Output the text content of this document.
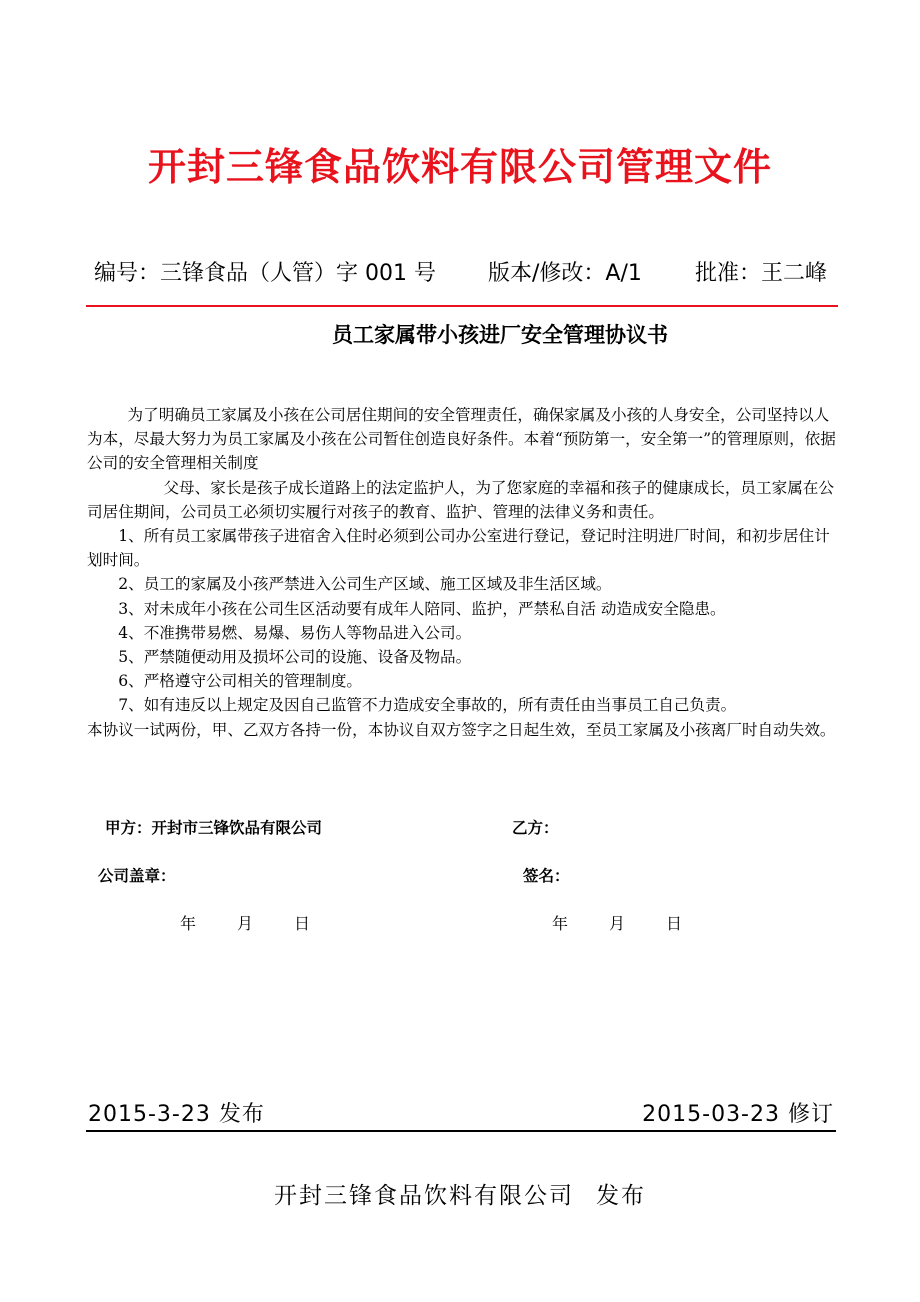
开封三锋食品饮料有限公司管理文件
编号：三锋食品（人管）字 001 号 版本/修改：A/1 批准：王二峰
员工家属带小孩进厂安全管理协议书

为了明确员工家属及小孩在公司居住期间的安全管理责任，确保家属及小孩的人身安全，公司坚持以人为本，尽最大努力为员工家属及小孩在公司暂住创造良好条件。本着“预防第一，安全第一”的管理原则，依据公司的安全管理相关制度

父母、家长是孩子成长道路上的法定监护人，为了您家庭的幸福和孩子的健康成长，员工家属在公司居住期间，公司员工必须切实履行对孩子的教育、监护、管理的法律义务和责任。

1、所有员工家属带孩子进宿舍入住时必须到公司办公室进行登记，登记时注明进厂时间，和初步居住计划时间。

2、员工的家属及小孩严禁进入公司生产区域、施工区域及非生活区域。

3、对未成年小孩在公司生区活动要有成年人陪同、监护，严禁私自活 动造成安全隐患。

4、不准携带易燃、易爆、易伤人等物品进入公司。

5、严禁随便动用及损坏公司的设施、设备及物品。

6、严格遵守公司相关的管理制度。

7、如有违反以上规定及因自己监管不力造成安全事故的，所有责任由当事员工自己负责。

本协议一试两份，甲、乙双方各持一份，本协议自双方签字之日起生效，至员工家属及小孩离厂时自动失效。

甲方：开封市三锋饮品有限公司	乙方：
公司盖章：	签名：
年	月	日	年	月	日
2015-3-23 发布	2015-03-23 修订
开封三锋食品饮料有限公司 发布
